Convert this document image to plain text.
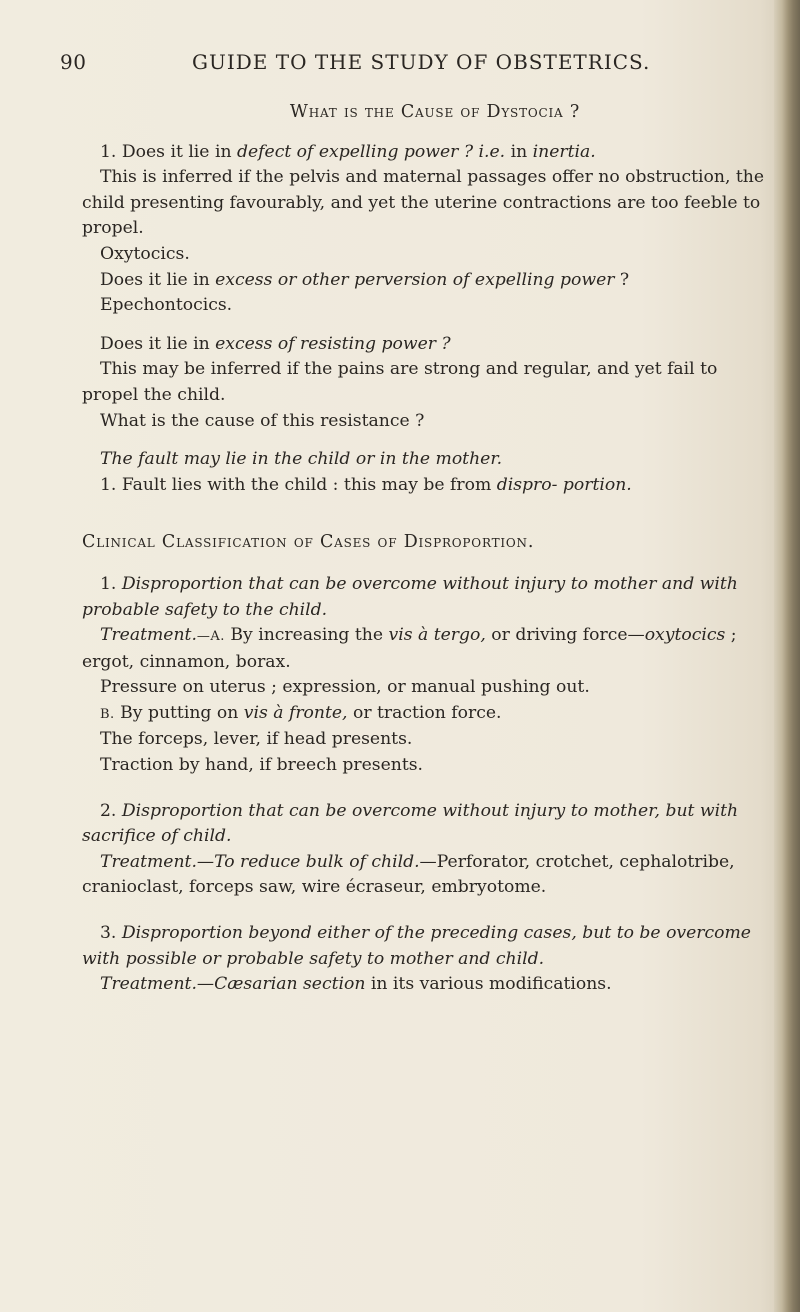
90	GUIDE TO THE STUDY OF OBSTETRICS.

What is the Cause of Dystocia ?

1. Does it lie in defect of expelling power ? i.e. in inertia.

This is inferred if the pelvis and maternal passages offer no obstruction, the child presenting favourably, and yet the uterine contractions are too feeble to propel.

Oxytocics.

Does it lie in excess or other perversion of expelling power ?

Epechontocics.

Does it lie in excess of resisting power ?

This may be inferred if the pains are strong and regular, and yet fail to propel the child.

What is the cause of this resistance ?

The fault may lie in the child or in the mother.

1. Fault lies with the child : this may be from dispro- portion.

Clinical Classification of Cases of Disproportion.

1. Disproportion that can be overcome without injury to mother and with probable safety to the child.

Treatment.—A. By increasing the vis à tergo, or driving force—oxytocics ; ergot, cinnamon, borax.

Pressure on uterus ; expression, or manual pushing out.

B. By putting on vis à fronte, or traction force.

The forceps, lever, if head presents.

Traction by hand, if breech presents.

2. Disproportion that can be overcome without injury to mother, but with sacrifice of child.

Treatment.—To reduce bulk of child.—Perforator, crotchet, cephalotribe, cranioclast, forceps saw, wire écraseur, embryotome.

3. Disproportion beyond either of the preceding cases, but to be overcome with possible or probable safety to mother and child.

Treatment.—Cæsarian section in its various modifications.
